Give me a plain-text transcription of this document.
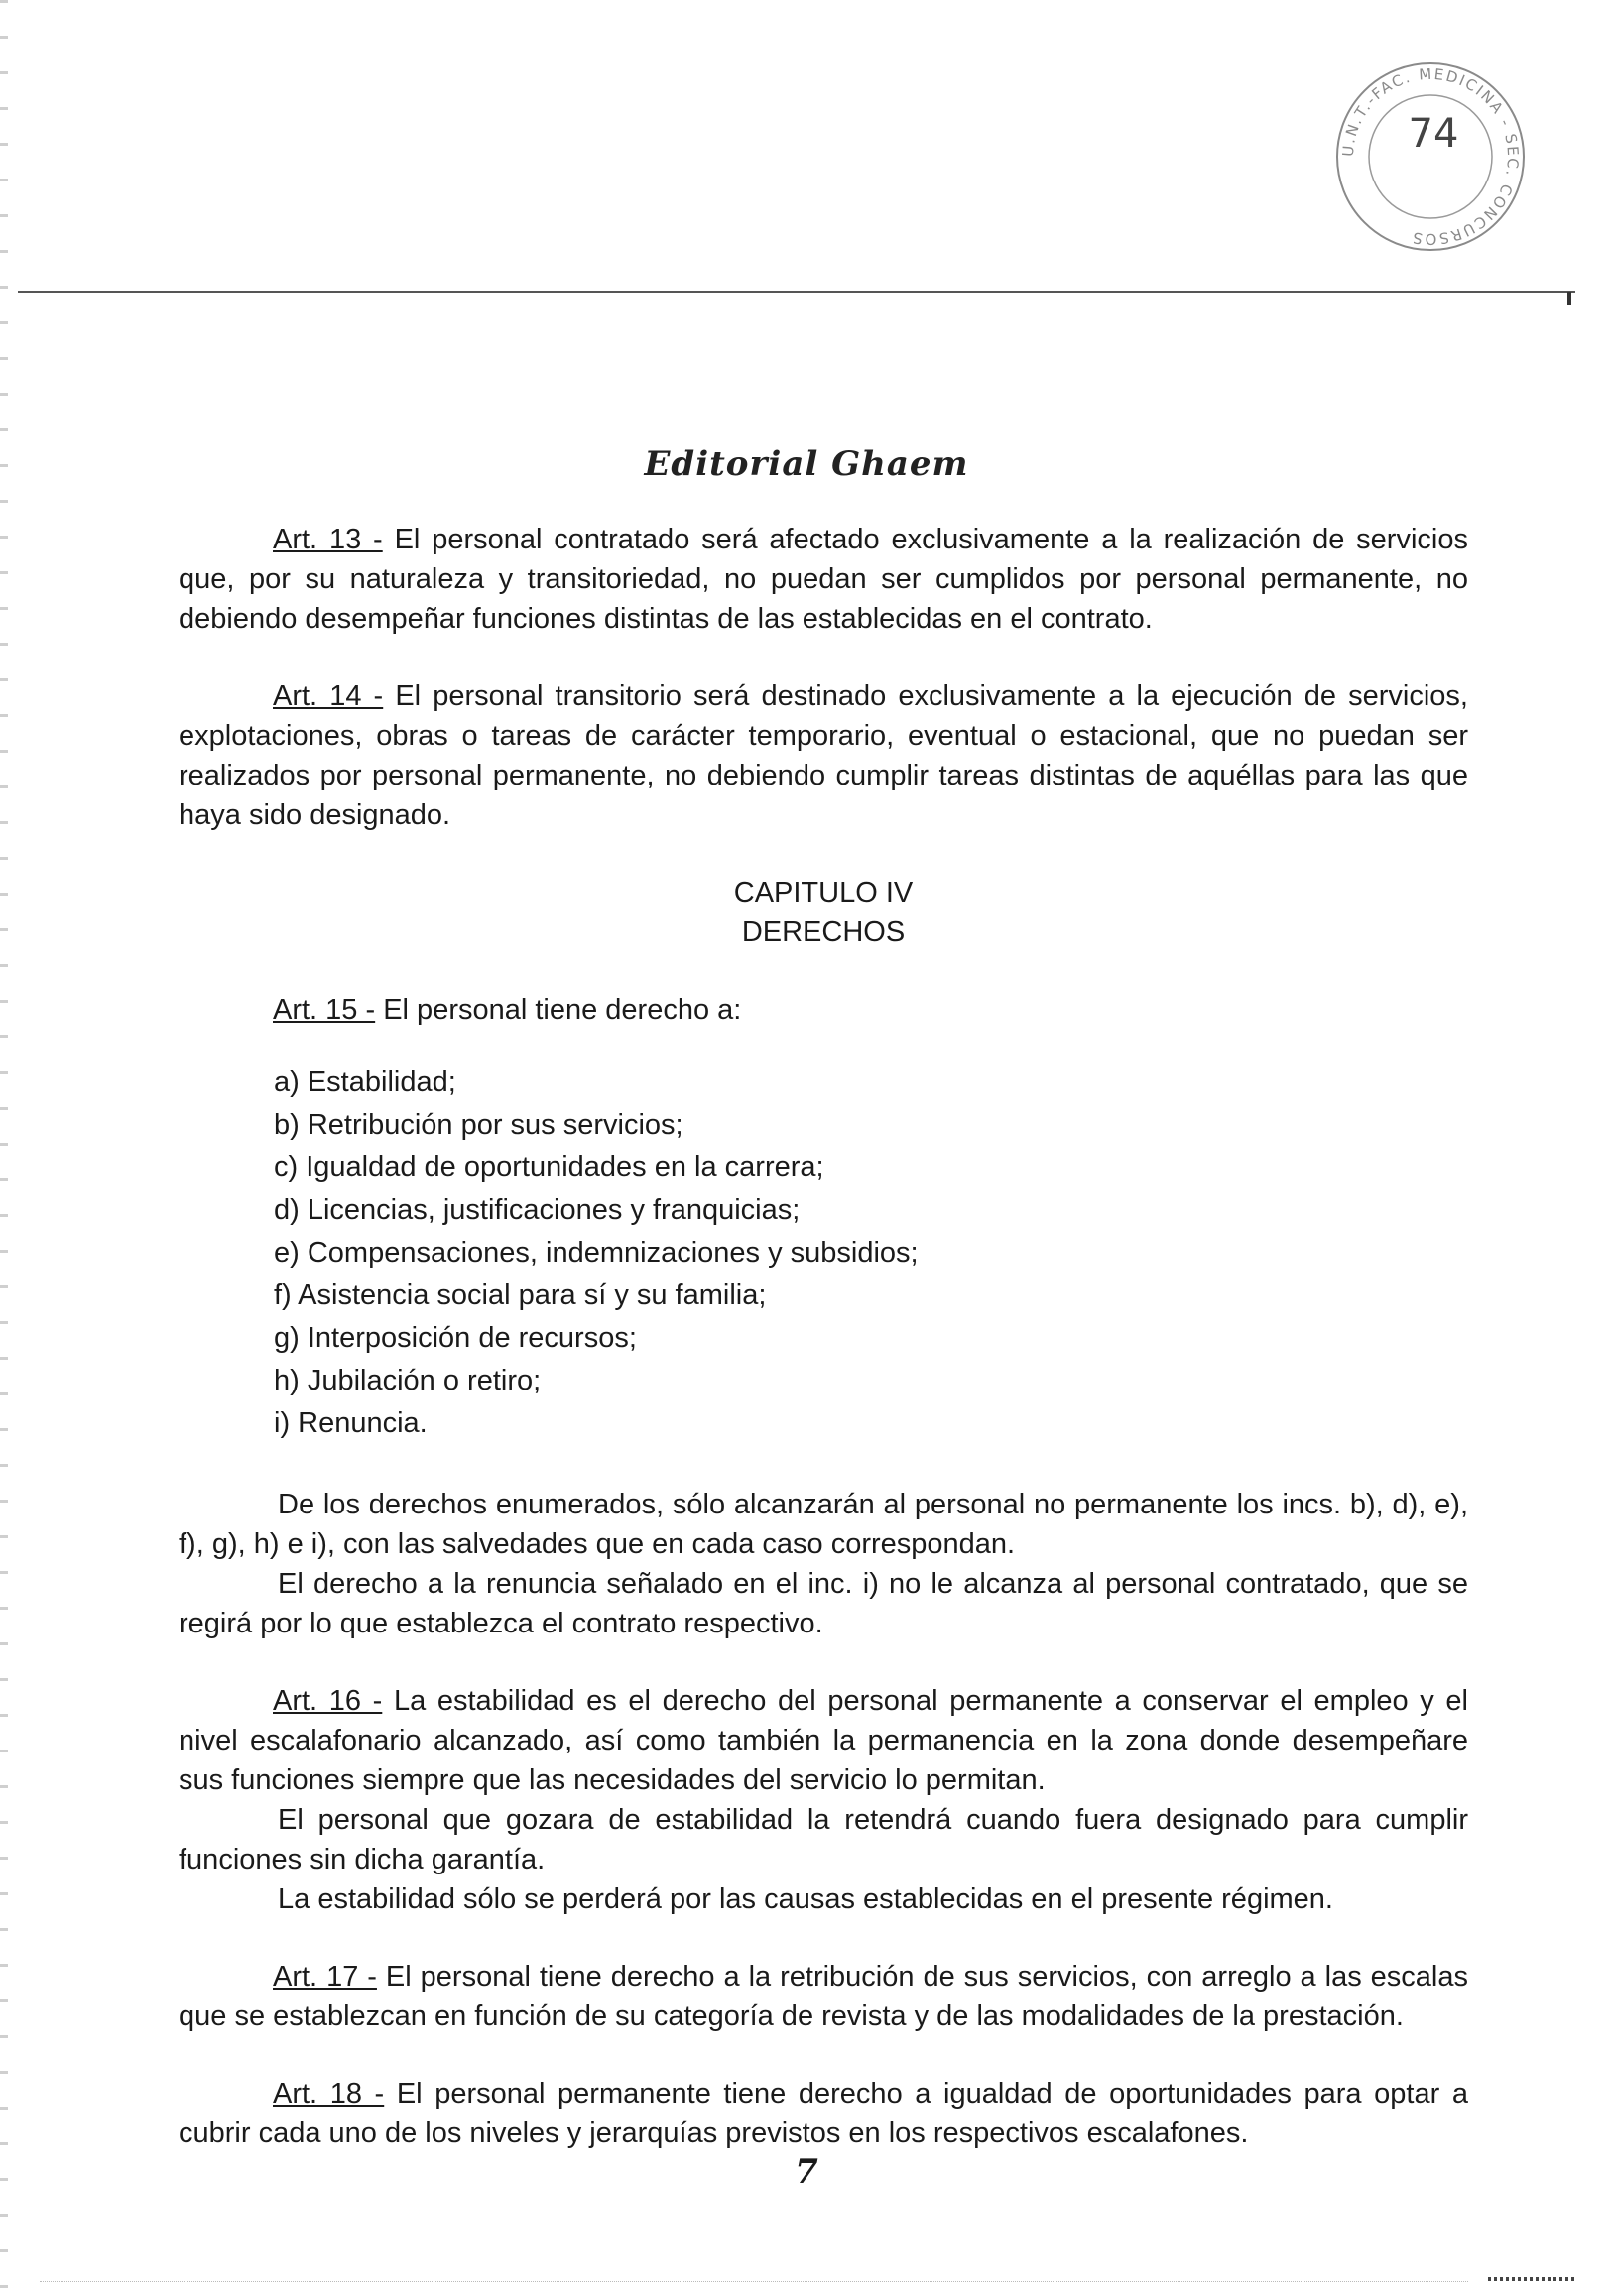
U.N.T.-FAC. MEDICINA - SEC. CONCURSOS
74
Editorial Ghaem

Art. 13 - El personal contratado será afectado exclusivamente a la realización de servicios que, por su naturaleza y transitoriedad, no puedan ser cumplidos por personal permanente, no debiendo desempeñar funciones distintas de las establecidas en el contrato.

Art. 14 - El personal transitorio será destinado exclusivamente a la ejecución de servicios, explotaciones, obras o tareas de carácter temporario, eventual o estacional, que no puedan ser realizados por personal permanente, no debiendo cumplir tareas distintas de aquéllas para las que haya sido designado.

CAPITULO IV
DERECHOS

Art. 15 - El personal tiene derecho a:

a) Estabilidad;
b) Retribución por sus servicios;
c) Igualdad de oportunidades en la carrera;
d) Licencias, justificaciones y franquicias;
e) Compensaciones, indemnizaciones y subsidios;
f) Asistencia social para sí y su familia;
g) Interposición de recursos;
h) Jubilación o retiro;
i) Renuncia.

De los derechos enumerados, sólo alcanzarán al personal no permanente los incs. b), d), e), f), g), h) e i), con las salvedades que en cada caso correspondan.

El derecho a la renuncia señalado en el inc. i) no le alcanza al personal contratado, que se regirá por lo que establezca el contrato respectivo.

Art. 16 - La estabilidad es el derecho del personal permanente a conservar el empleo y el nivel escalafonario alcanzado, así como también la permanencia en la zona donde desempeñare sus funciones siempre que las necesidades del servicio lo permitan.

El personal que gozara de estabilidad la retendrá cuando fuera designado para cumplir funciones sin dicha garantía.

La estabilidad sólo se perderá por las causas establecidas en el presente régimen.

Art. 17 - El personal tiene derecho a la retribución de sus servicios, con arreglo a las escalas que se establezcan en función de su categoría de revista y de las modalidades de la prestación.

Art. 18 - El personal permanente tiene derecho a igualdad de oportunidades para optar a cubrir cada uno de los niveles y jerarquías previstos en los respectivos escalafones.

7
